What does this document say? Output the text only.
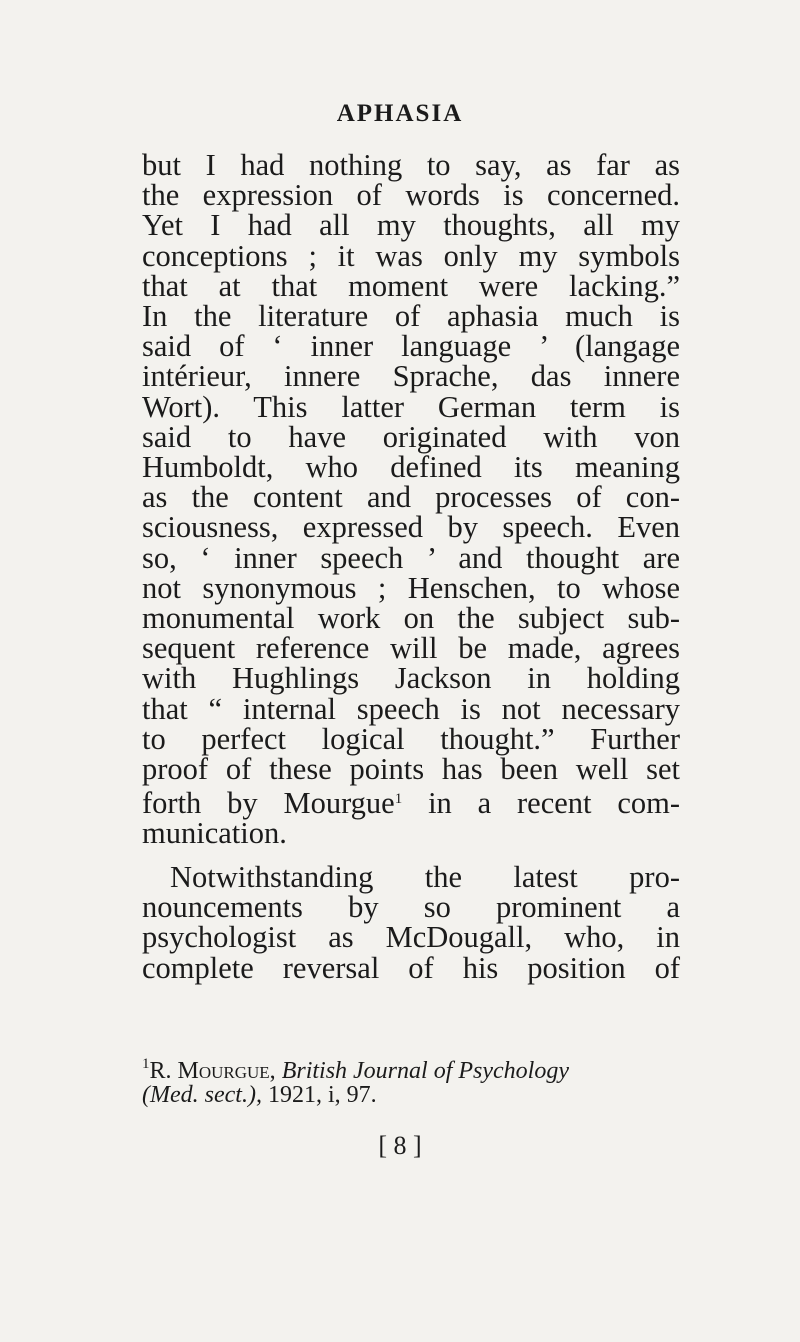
APHASIA
but I had nothing to say, as far as
the expression of words is concerned.
Yet I had all my thoughts, all my
conceptions ; it was only my symbols
that at that moment were lacking.”
In the literature of aphasia much is
said of ‘ inner language ’ (langage
intérieur, innere Sprache, das innere
Wort). This latter German term is
said to have originated with von
Humboldt, who defined its meaning
as the content and processes of con-
sciousness, expressed by speech. Even
so, ‘ inner speech ’ and thought are
not synonymous ; Henschen, to whose
monumental work on the subject sub-
sequent reference will be made, agrees
with Hughlings Jackson in holding
that “ internal speech is not necessary
to perfect logical thought.” Further
proof of these points has been well set
forth by Mourgue$^1$ in a recent com-
munication.
Notwithstanding the latest pro-
nouncements by so prominent a
psychologist as McDougall, who, in
complete reversal of his position of
$^1$R. Mourgue, British Journal of Psychology
(Med. sect.), 1921, i, 97.
[ 8 ]
